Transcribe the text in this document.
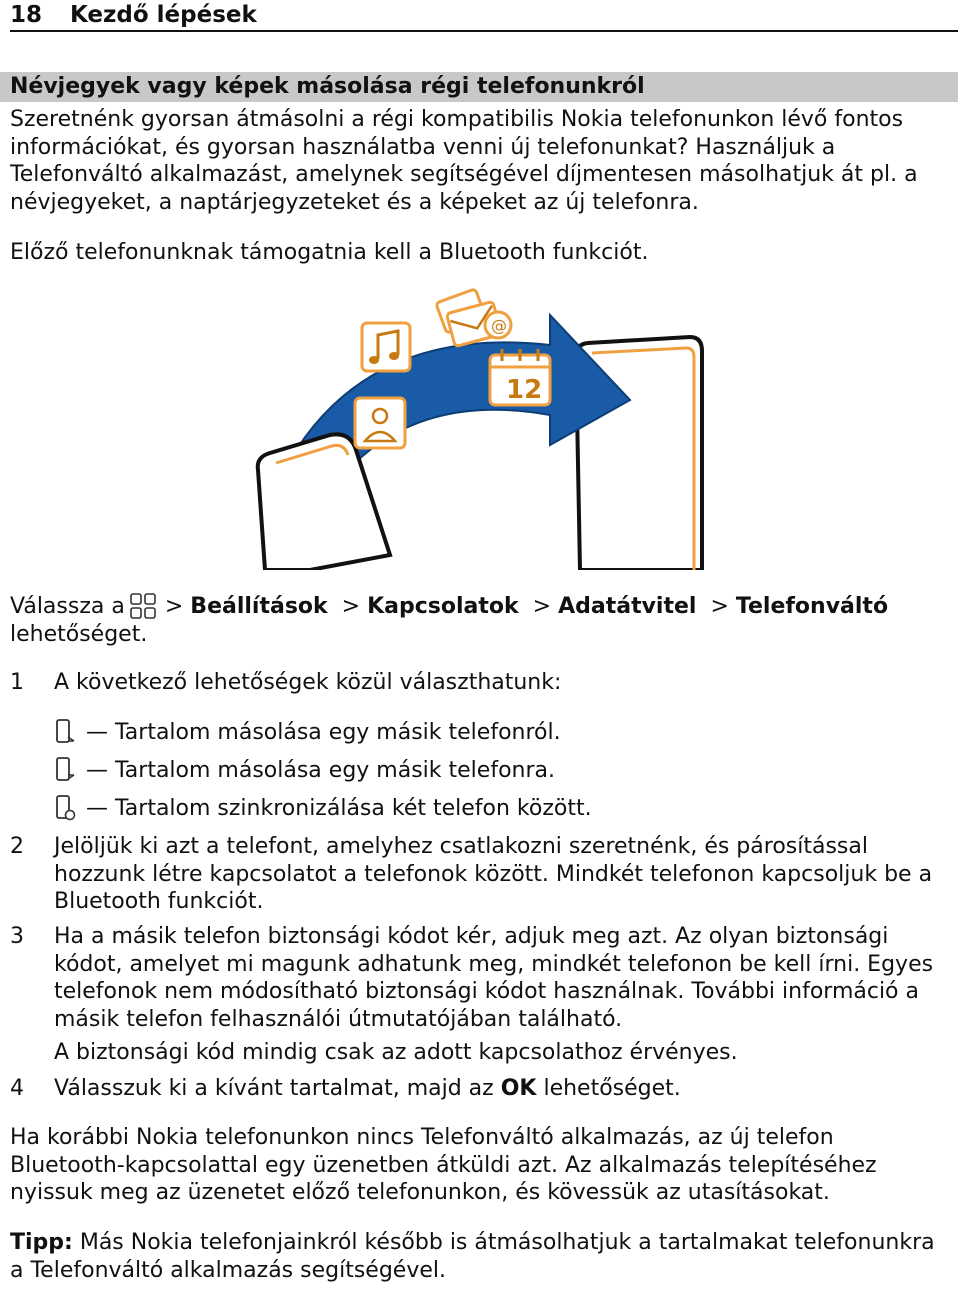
18 Kezdő lépések
Névjegyek vagy képek másolása régi telefonunkról

Szeretnénk gyorsan átmásolni a régi kompatibilis Nokia telefonunkon lévő fontos információkat, és gyorsan használatba venni új telefonunkat? Használjuk a Telefonváltó alkalmazást, amelynek segítségével díjmentesen másolhatjuk át pl. a névjegyeket, a naptárjegyzeteket és a képeket az új telefonra.

Előző telefonunknak támogatnia kell a Bluetooth funkciót.

@
12
Válassza a > Beállítások > Kapcsolatok > Adatátvitel > Telefonváltó
lehetőséget.
1	A következő lehetőségek közül választhatunk:
— Tartalom másolása egy másik telefonról.
— Tartalom másolása egy másik telefonra.
— Tartalom szinkronizálása két telefon között.
2	Jelöljük ki azt a telefont, amelyhez csatlakozni szeretnénk, és párosítással hozzunk létre kapcsolatot a telefonok között. Mindkét telefonon kapcsoljuk be a Bluetooth funkciót.
3	Ha a másik telefon biztonsági kódot kér, adjuk meg azt. Az olyan biztonsági kódot, amelyet mi magunk adhatunk meg, mindkét telefonon be kell írni. Egyes telefonok nem módosítható biztonsági kódot használnak. További információ a másik telefon felhasználói útmutatójában található.
A biztonsági kód mindig csak az adott kapcsolathoz érvényes.
4	Válasszuk ki a kívánt tartalmat, majd az OK lehetőséget.

Ha korábbi Nokia telefonunkon nincs Telefonváltó alkalmazás, az új telefon Bluetooth-kapcsolattal egy üzenetben átküldi azt. Az alkalmazás telepítéséhez nyissuk meg az üzenetet előző telefonunkon, és kövessük az utasításokat.

Tipp: Más Nokia telefonjainkról később is átmásolhatjuk a tartalmakat telefonunkra a Telefonváltó alkalmazás segítségével.
